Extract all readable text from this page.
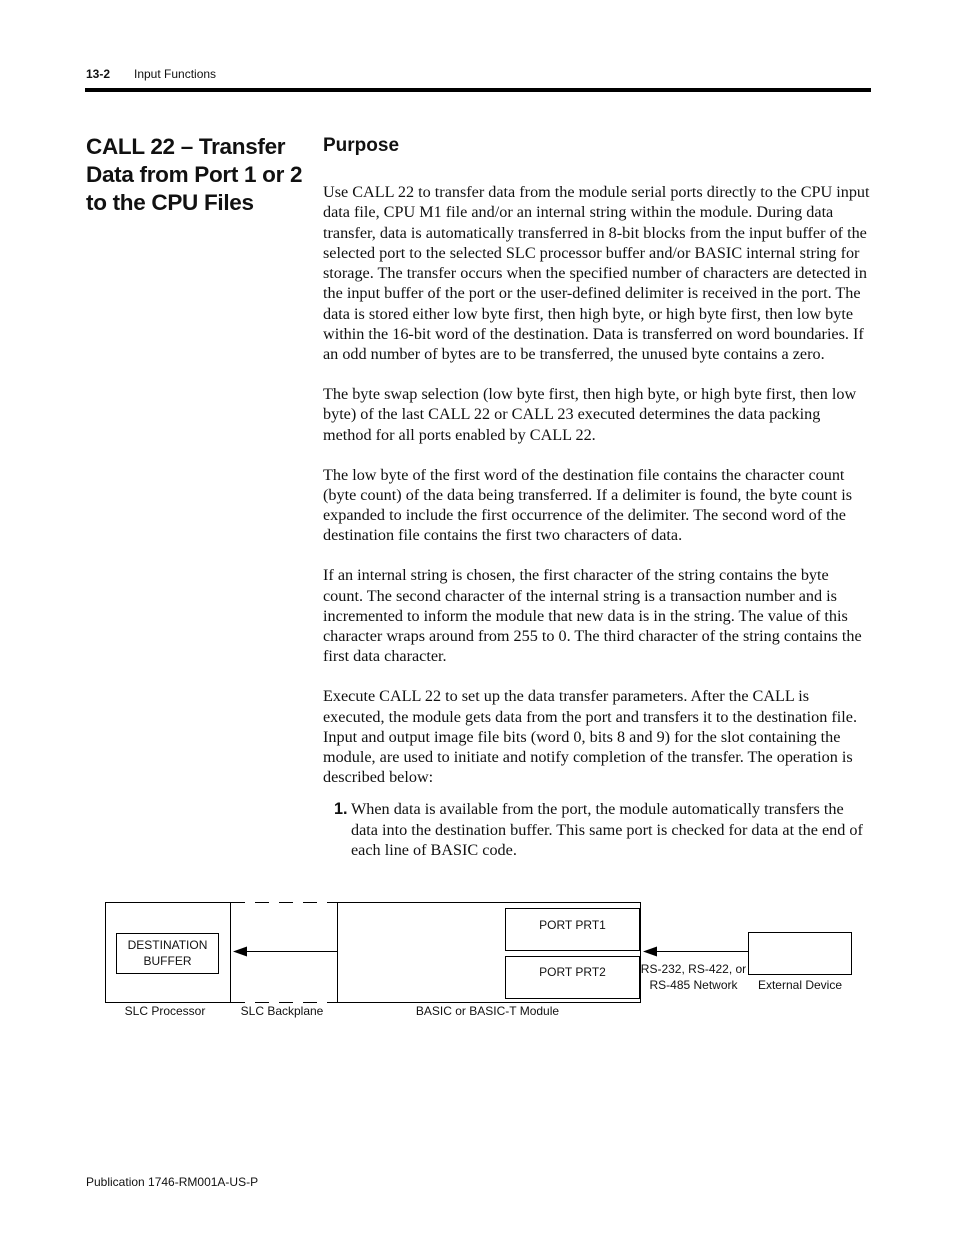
13-2 Input Functions
CALL 22 – Transfer Data from Port 1 or 2 to the CPU Files
Purpose

Use CALL 22 to transfer data from the module serial ports directly to the CPU input data file, CPU M1 file and/or an internal string within the module. During data transfer, data is automatically transferred in 8-bit blocks from the input buffer of the selected port to the selected SLC processor buffer and/or BASIC internal string for storage. The transfer occurs when the specified number of characters are detected in the input buffer of the port or the user-defined delimiter is received in the port. The data is stored either low byte first, then high byte, or high byte first, then low byte within the 16-bit word of the destination. Data is transferred on word boundaries. If an odd number of bytes are to be transferred, the unused byte contains a zero.

The byte swap selection (low byte first, then high byte, or high byte first, then low byte) of the last CALL 22 or CALL 23 executed determines the data packing method for all ports enabled by CALL 22.

The low byte of the first word of the destination file contains the character count (byte count) of the data being transferred. If a delimiter is found, the byte count is expanded to include the first occurrence of the delimiter. The second word of the destination file contains the first two characters of data.

If an internal string is chosen, the first character of the string contains the byte count. The second character of the internal string is a transaction number and is incremented to inform the module that new data is in the string. The value of this character wraps around from 255 to 0. The third character of the string contains the first data character.

Execute CALL 22 to set up the data transfer parameters. After the CALL is executed, the module gets data from the port and transfers it to the destination file. Input and output image file bits (word 0, bits 8 and 9) for the slot containing the module, are used to initiate and notify completion of the transfer. The operation is described below:

1. When data is available from the port, the module automatically transfers the data into the destination buffer. This same port is checked for data at the end of each line of BASIC code.
DESTINATION
BUFFER
PORT PRT1
PORT PRT2	RS-232, RS-422, or
RS-485 Network	External Device
SLC Processor	SLC Backplane	BASIC or BASIC-T Module
Publication 1746-RM001A-US-P
